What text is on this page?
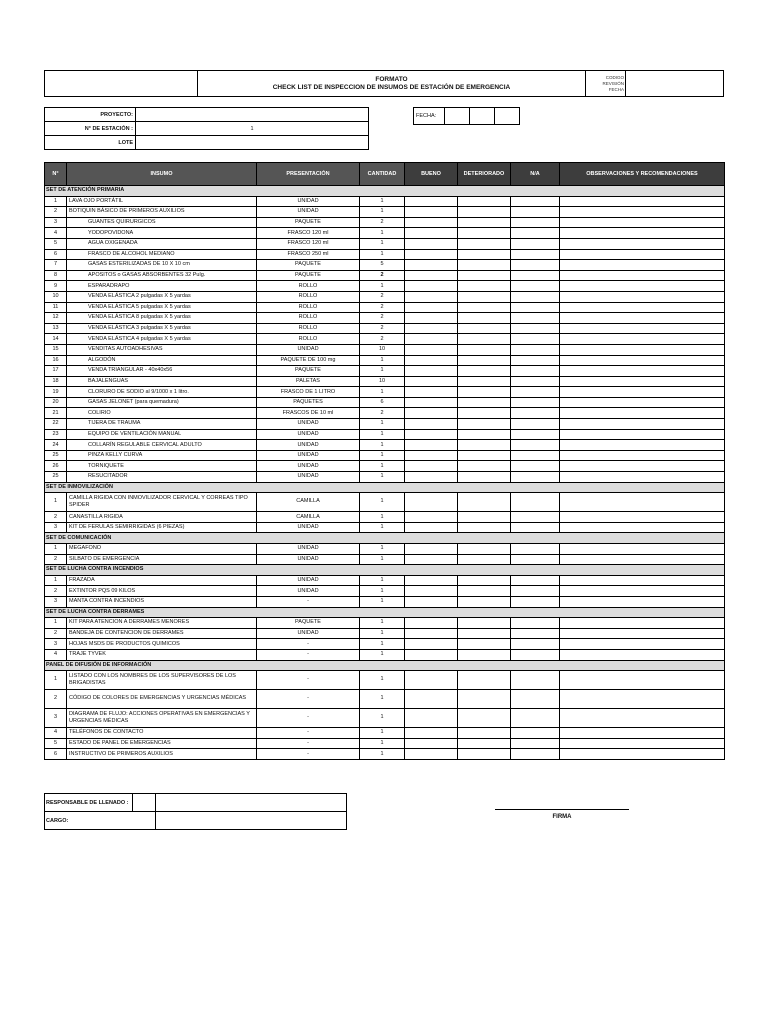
FORMATO
CHECK LIST DE INSPECCION DE INSUMOS DE ESTACIÓN DE EMERGENCIA

CODIGO
REVISIÓN
FECHA

PROYECTO:	
N° DE ESTACIÓN :	1
LOTE	
FECHA:			
N°	INSUMO	PRESENTACIÓN	CANTIDAD	BUENO	DETERIORADO	N/A	OBSERVACIONES Y RECOMENDACIONES
SET DE ATENCIÓN PRIMARIA							
1	LAVA OJO PORTÁTIL	UNIDAD	1				
2	BOTIQUIN BÁSICO DE PRIMEROS AUXILIOS	UNIDAD	1				
3	GUANTES QUIRURGICOS	PAQUETE	2				
4	YODOPOVIDONA	FRASCO 120 ml	1				
5	AGUA OXIGENADA	FRASCO 120 ml	1				
6	FRASCO DE ALCOHOL MEDIANO	FRASCO 250 ml	1				
7	GASAS ESTERILIZADAS DE 10 X 10 cm	PAQUETE	5				
8	APOSITOS o GASAS ABSORBENTES 32 Pulg.	PAQUETE	2				
9	ESPARADRAPO	ROLLO	1				
10	VENDA ELÁSTICA 2 pulgadas X 5 yardas	ROLLO	2				
11	VENDA ELÁSTICA 5 pulgadas X 5 yardas	ROLLO	2				
12	VENDA ELÁSTICA 8 pulgadas X 5 yardas	ROLLO	2				
13	VENDA ELÁSTICA 3 pulgadas X 5 yardas	ROLLO	2				
14	VENDA ELÁSTICA 4 pulgadas X 5 yardas	ROLLO	2				
15	VENDITAS AUTOADHESIVAS	UNIDAD	10				
16	ALGODÓN	PAQUETE DE 100 mg	1				
17	VENDA TRIANGULAR - 40x40x56	PAQUETE	1				
18	BAJALENGUAS	PALETAS	10				
19	CLORURO DE SODIO al 9/1000 x 1 litro.	FRASCO DE 1 LITRO	1				
20	GASAS JELONET (para quemadura)	PAQUETES	6				
21	COLIRIO	FRASCOS DE 10 ml	2				
22	TIJERA DE TRAUMA	UNIDAD	1				
23	EQUIPO DE VENTILACIÓN MANUAL	UNIDAD	1				
24	COLLARÍN REGULABLE CERVICAL ADULTO	UNIDAD	1				
25	PINZA KELLY CURVA	UNIDAD	1				
26	TORNIQUETE	UNIDAD	1				
25	RESUCITADOR	UNIDAD	1				
SET DE INMOVILIZACIÓN							
1	CAMILLA RIGIDA CON INMOVILIZADOR CERVICAL Y CORREAS TIPO SPIDER	CAMILLA	1				
2	CANASTILLA RIGIDA	CAMILLA	1				
3	KIT DE FERULAS SEMIRRIGIDAS (6 PIEZAS)	UNIDAD	1				
SET DE COMUNICACIÓN							
1	MEGAFONO	UNIDAD	1				
2	SILBATO DE EMERGENCIA	UNIDAD	1				
SET DE LUCHA CONTRA INCENDIOS							
1	FRAZADA	UNIDAD	1				
2	EXTINTOR PQS 09 KILOS	UNIDAD	1				
3	MANTA CONTRA INCENDIOS	-	1				
SET DE LUCHA CONTRA DERRAMES							
1	KIT PARA ATENCION A DERRAMES MENORES	PAQUETE	1				
2	BANDEJA DE CONTENCION DE DERRAMES	UNIDAD	1				
3	HOJAS MSDS DE PRODUCTOS QUIMICOS	-	1				
4	TRAJE TYVEK	-	1				
PANEL DE DIFUSIÓN DE INFORMACIÓN							
1	LISTADO CON LOS NOMBRES DE LOS SUPERVISORES DE LOS BRIGADISTAS	-	1				
2	CÓDIGO DE COLORES DE EMERGENCIAS Y URGENCIAS MÉDICAS	-	1				
3	DIAGRAMA DE FLUJO: ACCIONES OPERATIVAS EN EMERGENCIAS Y URGENCIAS MÉDICAS	-	1				
4	TELÉFONOS DE CONTACTO	-	1				
5	ESTADO DE PANEL DE EMERGENCIAS	-	1				
6	INSTRUCTIVO DE PRIMEROS AUXILIOS	-	1				
RESPONSABLE DE LLENADO :		
CARGO:		
FIRMA
